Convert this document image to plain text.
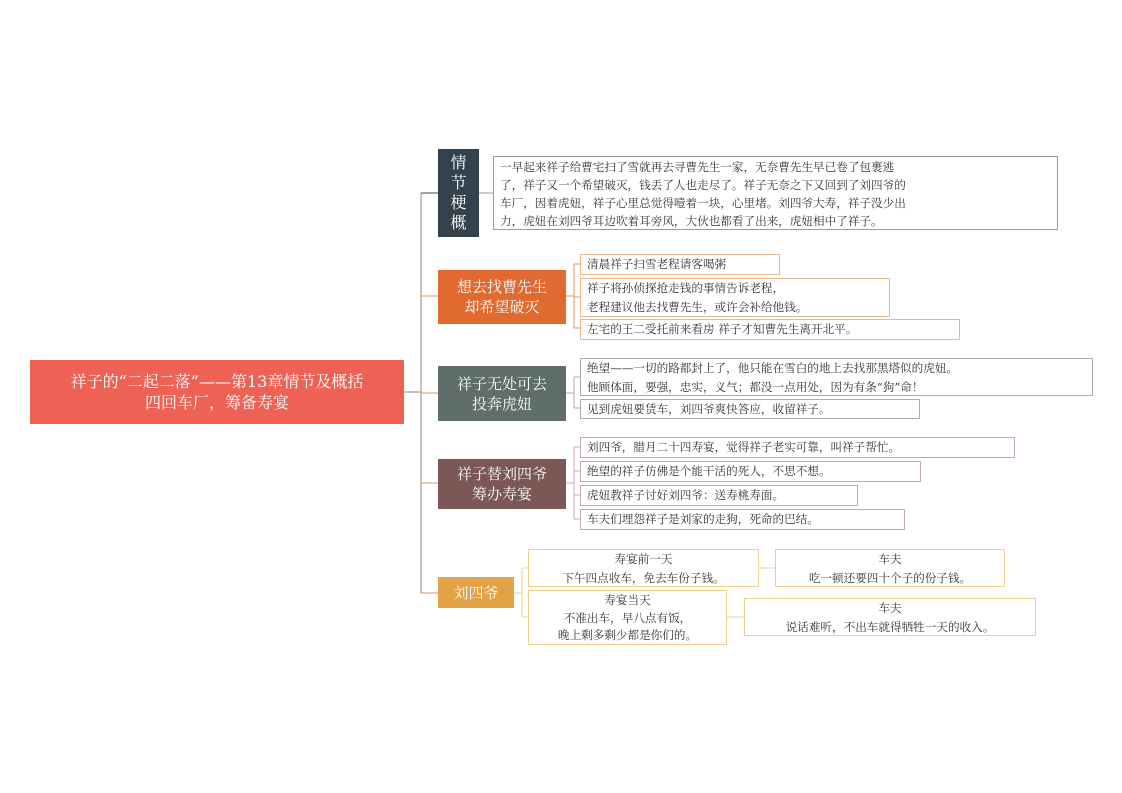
祥子的“二起二落”——第13章情节及概括
四回车厂，筹备寿宴
情
节
梗
概
一早起来祥子给曹宅扫了雪就再去寻曹先生一家，无奈曹先生早已卷了包裹逃
了，祥子又一个希望破灭，钱丢了人也走尽了。祥子无奈之下又回到了刘四爷的
车厂，因着虎妞，祥子心里总觉得噎着一块，心里堵。刘四爷大寿，祥子没少出
力，虎妞在刘四爷耳边吹着耳旁风，大伙也都看了出来，虎妞相中了祥子。
想去找曹先生
却希望破灭
清晨祥子扫雪老程请客喝粥
祥子将孙侦探抢走钱的事情告诉老程，
老程建议他去找曹先生，或许会补给他钱。
左宅的王二受托前来看房 祥子才知曹先生离开北平。
祥子无处可去
投奔虎妞
绝望——一切的路都封上了，他只能在雪白的地上去找那黑塔似的虎妞。
他顾体面，要强，忠实，义气；都没一点用处，因为有条“狗”命！
见到虎妞要赁车，刘四爷爽快答应，收留祥子。
祥子替刘四爷
筹办寿宴
刘四爷，腊月二十四寿宴，觉得祥子老实可靠，叫祥子帮忙。
绝望的祥子仿佛是个能干活的死人，不思不想。
虎妞教祥子讨好刘四爷：送寿桃寿面。
车夫们埋怨祥子是刘家的走狗，死命的巴结。
刘四爷
寿宴前一天
下午四点收车，免去车份子钱。
车夫
吃一顿还要四十个子的份子钱。
寿宴当天
不准出车，早八点有饭，
晚上剩多剩少都是你们的。
车夫
说话难听，不出车就得牺牲一天的收入。
